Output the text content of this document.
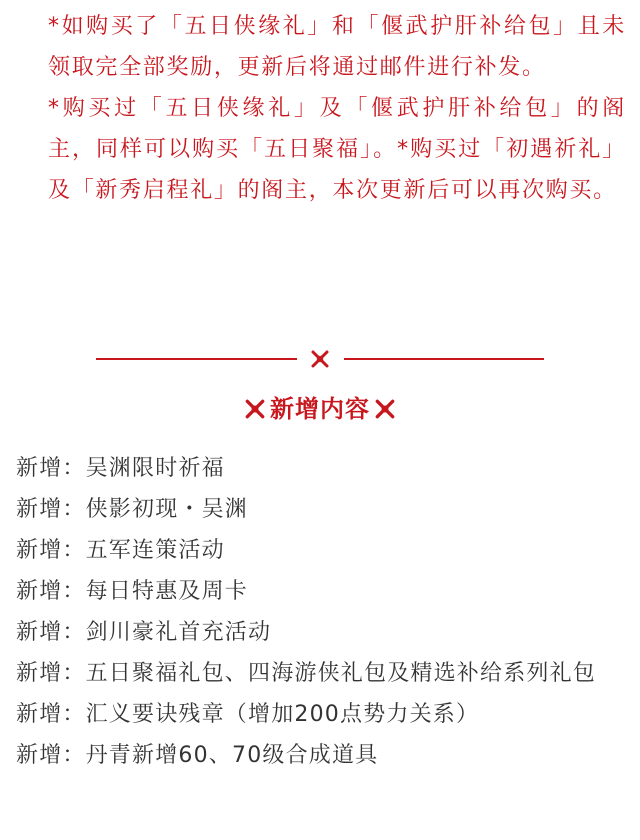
*如购买了「五日侠缘礼」和「偃武护肝补给包」且未领取完全部奖励，更新后将通过邮件进行补发。

*购买过「五日侠缘礼」及「偃武护肝补给包」的阁主，同样可以购买「五日聚福」。*购买过「初遇祈礼」及「新秀启程礼」的阁主，本次更新后可以再次购买。

新增内容
新增：吴渊限时祈福
新增：侠影初现・吴渊
新增：五军连策活动
新增：每日特惠及周卡
新增：剑川豪礼首充活动
新增：五日聚福礼包、四海游侠礼包及精选补给系列礼包
新增：汇义要诀残章（增加200点势力关系）
新增：丹青新增60、70级合成道具
